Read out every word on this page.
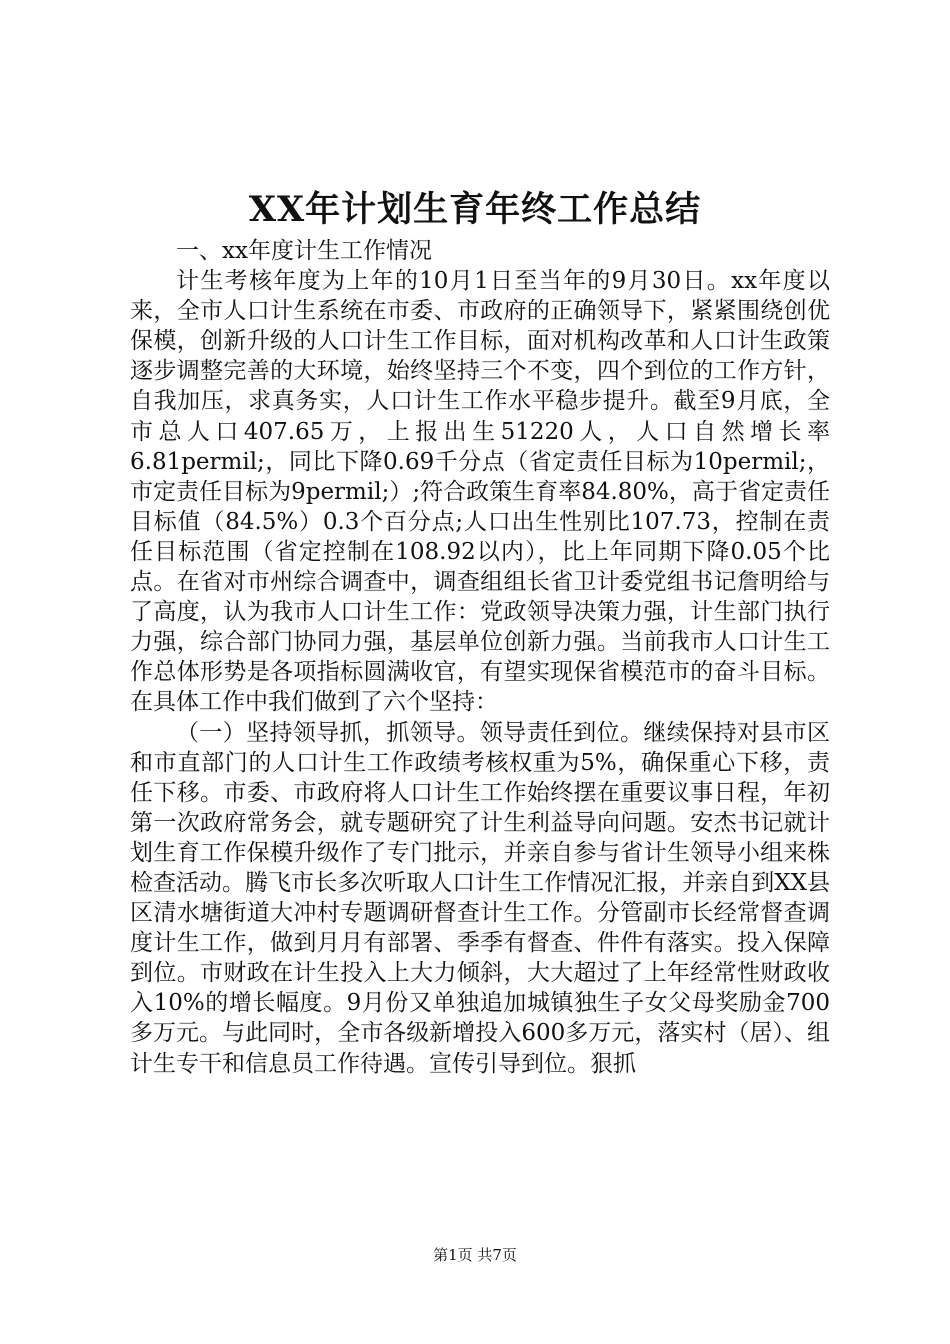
XX年计划生育年终工作总结

一、xx年度计生工作情况

计生考核年度为上年的10月1日至当年的9月30日。xx年度以来，全市人口计生系统在市委、市政府的正确领导下，紧紧围绕创优保模，创新升级的人口计生工作目标，面对机构改革和人口计生政策逐步调整完善的大环境，始终坚持三个不变，四个到位的工作方针，自我加压，求真务实，人口计生工作水平稳步提升。截至9月底，全市总人口407.65万，上报出生51220人，人口自然增长率6.81permil;，同比下降0.69千分点（省定责任目标为10permil;，市定责任目标为9permil;）;符合政策生育率84.80%，高于省定责任目标值（84.5%）0.3个百分点;人口出生性别比107.73，控制在责任目标范围（省定控制在108.92以内），比上年同期下降0.05个比点。在省对市州综合调查中，调查组组长省卫计委党组书记詹明给与了高度，认为我市人口计生工作：党政领导决策力强，计生部门执行力强，综合部门协同力强，基层单位创新力强。当前我市人口计生工作总体形势是各项指标圆满收官，有望实现保省模范市的奋斗目标。在具体工作中我们做到了六个坚持：

（一）坚持领导抓，抓领导。领导责任到位。继续保持对县市区和市直部门的人口计生工作政绩考核权重为5%，确保重心下移，责任下移。市委、市政府将人口计生工作始终摆在重要议事日程，年初第一次政府常务会，就专题研究了计生利益导向问题。安杰书记就计划生育工作保模升级作了专门批示，并亲自参与省计生领导小组来株检查活动。腾飞市长多次听取人口计生工作情况汇报，并亲自到XX县区清水塘街道大冲村专题调研督查计生工作。分管副市长经常督查调度计生工作，做到月月有部署、季季有督查、件件有落实。投入保障到位。市财政在计生投入上大力倾斜，大大超过了上年经常性财政收入10%的增长幅度。9月份又单独追加城镇独生子女父母奖励金700多万元。与此同时，全市各级新增投入600多万元，落实村（居）、组计生专干和信息员工作待遇。宣传引导到位。狠抓

第1页 共7页
